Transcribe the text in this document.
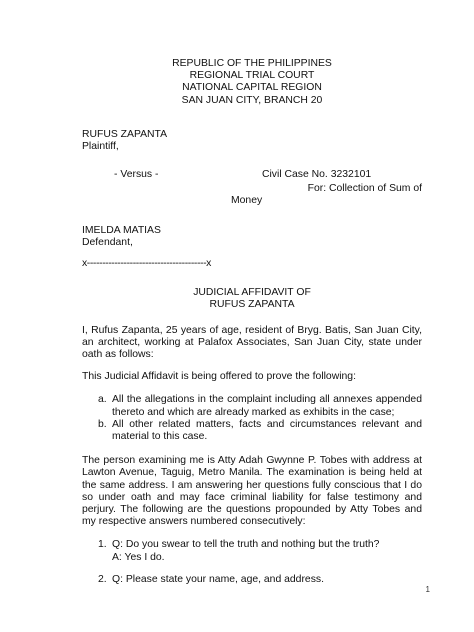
REPUBLIC OF THE PHILIPPINES
REGIONAL TRIAL COURT
NATIONAL CAPITAL REGION
SAN JUAN CITY, BRANCH 20
RUFUS ZAPANTA
Plaintiff,
- Versus -	Civil Case No. 3232101
For: Collection of Sum of
Money
IMELDA MATIAS
Defendant,
x---------------------------------------x
JUDICIAL AFFIDAVIT OF
RUFUS ZAPANTA

I, Rufus Zapanta, 25 years of age, resident of Bryg. Batis, San Juan City, an architect, working at Palafox Associates, San Juan City, state under oath as follows:

This Judicial Affidavit is being offered to prove the following:

a. All the allegations in the complaint including all annexes appended thereto and which are already marked as exhibits in the case;
b. All other related matters, facts and circumstances relevant and material to this case.

The person examining me is Atty Adah Gwynne P. Tobes with address at Lawton Avenue, Taguig, Metro Manila. The examination is being held at the same address. I am answering her questions fully conscious that I do so under oath and may face criminal liability for false testimony and perjury. The following are the questions propounded by Atty Tobes and my respective answers numbered consecutively:

1. Q: Do you swear to tell the truth and nothing but the truth?
A: Yes I do.
2. Q: Please state your name, age, and address.
1
